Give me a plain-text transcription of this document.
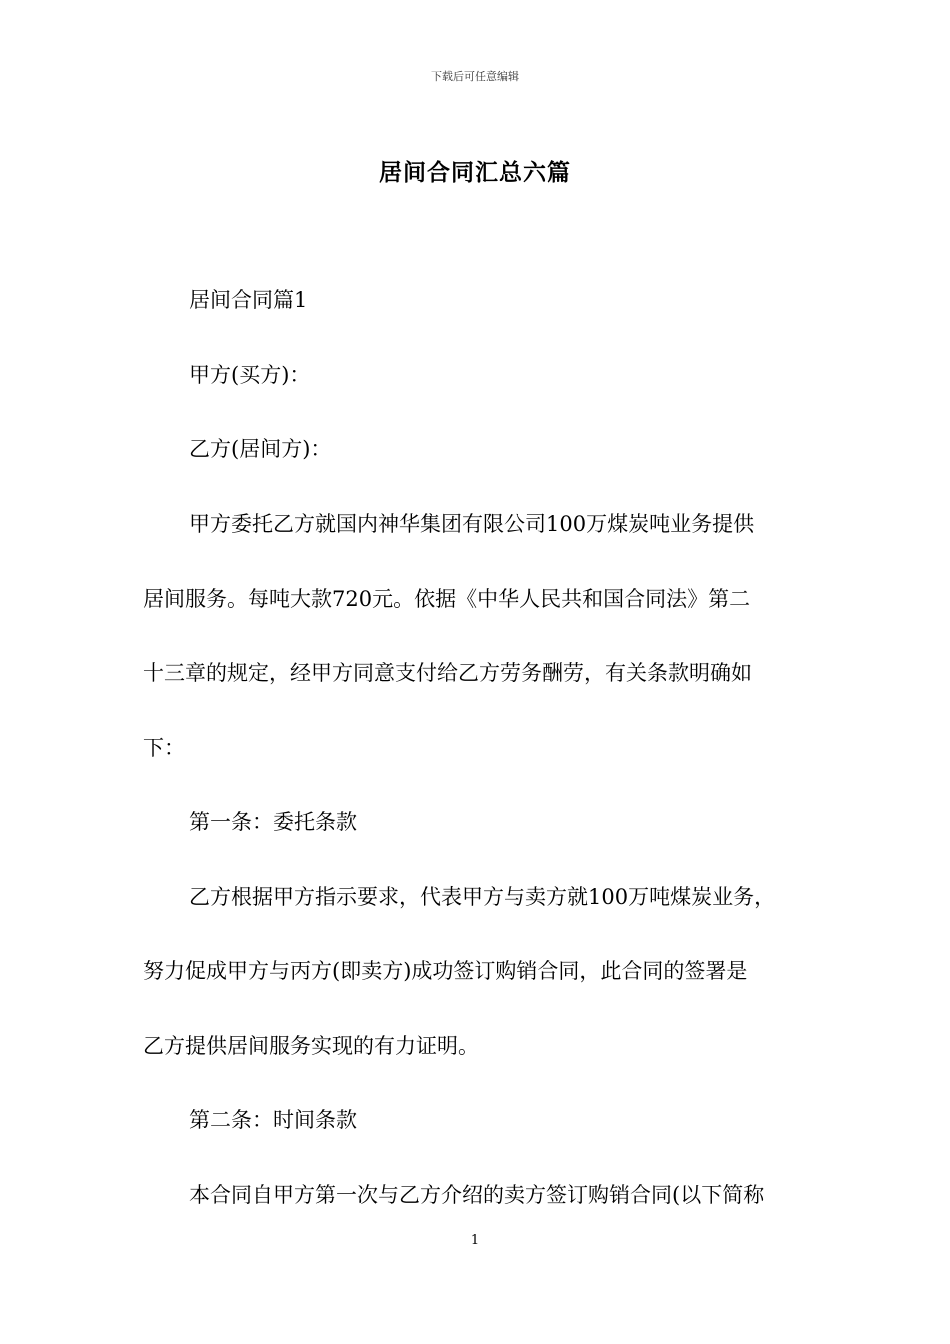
下载后可任意编辑
居间合同汇总六篇
居间合同篇1
甲方(买方)：
乙方(居间方)：
甲方委托乙方就国内神华集团有限公司100万煤炭吨业务提供
居间服务。每吨大款720元。依据《中华人民共和国合同法》第二
十三章的规定，经甲方同意支付给乙方劳务酬劳，有关条款明确如
下：
第一条：委托条款
乙方根据甲方指示要求，代表甲方与卖方就100万吨煤炭业务，
努力促成甲方与丙方(即卖方)成功签订购销合同，此合同的签署是
乙方提供居间服务实现的有力证明。
第二条：时间条款
本合同自甲方第一次与乙方介绍的卖方签订购销合同(以下简称
1
